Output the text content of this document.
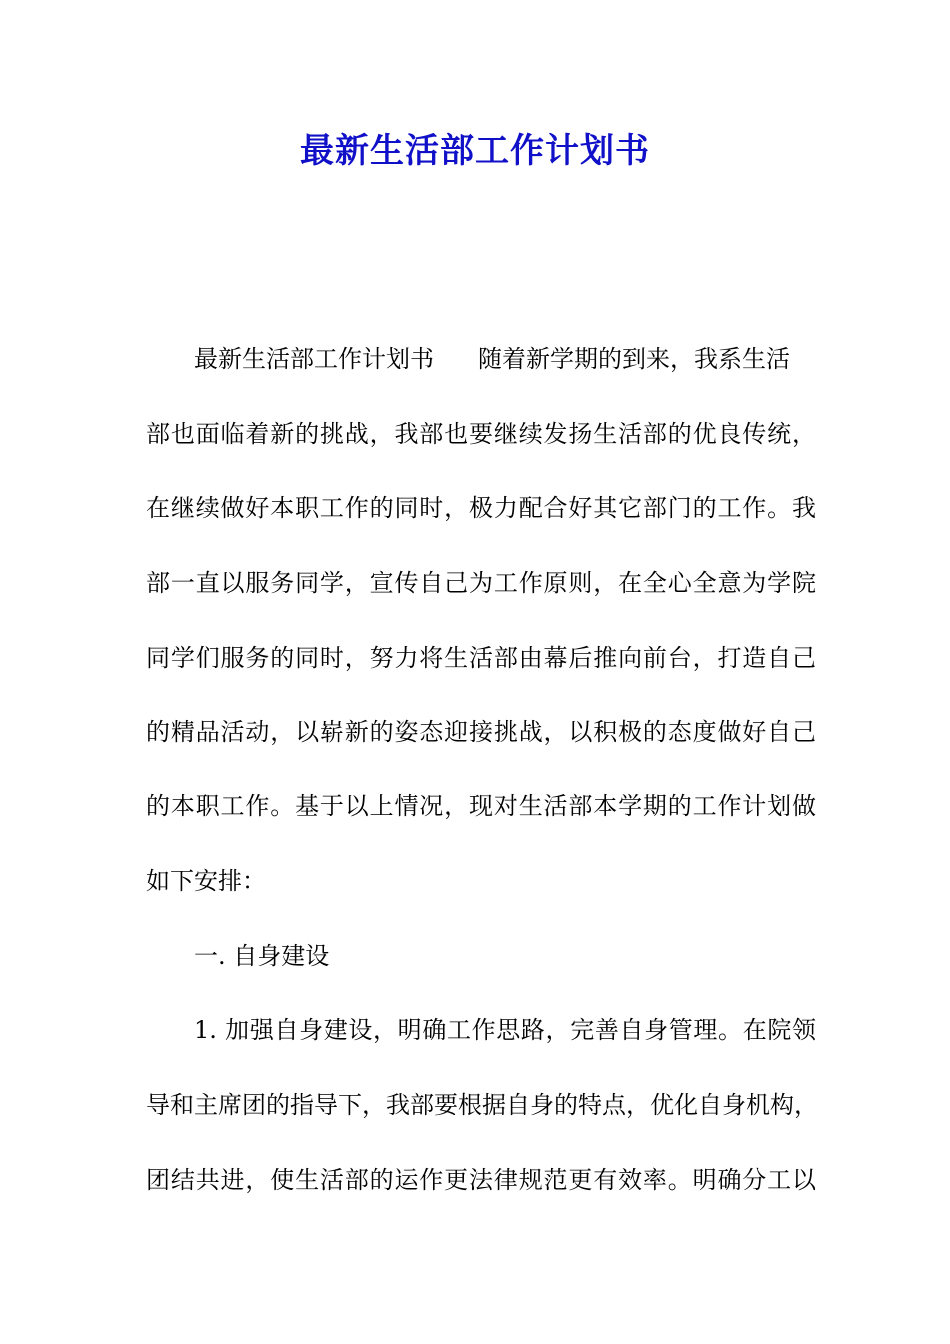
最新生活部工作计划书

最新生活部工作计划书 随着新学期的到来，我系生活

部也面临着新的挑战，我部也要继续发扬生活部的优良传统，

在继续做好本职工作的同时，极力配合好其它部门的工作。我

部一直以服务同学，宣传自己为工作原则，在全心全意为学院

同学们服务的同时，努力将生活部由幕后推向前台，打造自己

的精品活动，以崭新的姿态迎接挑战，以积极的态度做好自己

的本职工作。基于以上情况，现对生活部本学期的工作计划做

如下安排：

一. 自身建设

1. 加强自身建设，明确工作思路，完善自身管理。在院领

导和主席团的指导下，我部要根据自身的特点，优化自身机构，

团结共进，使生活部的运作更法律规范更有效率。明确分工以
